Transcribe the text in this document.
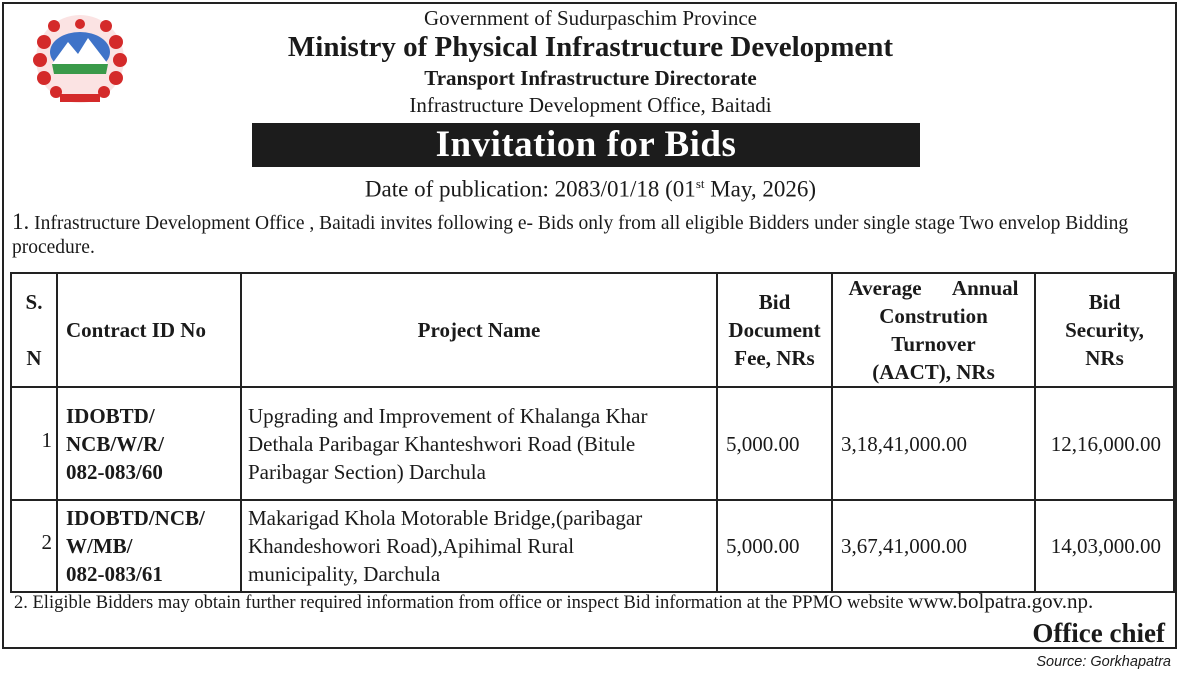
Government of Sudurpaschim Province
Ministry of Physical Infrastructure Development
Transport Infrastructure Directorate
Infrastructure Development Office, Baitadi
Invitation for Bids
Date of publication: 2083/01/18 (01st May, 2026)
1. Infrastructure Development Office , Baitadi invites following e- Bids only from all eligible Bidders under single stage Two envelop Bidding procedure.
S.

N	Contract ID No	Project Name	Bid
Document
Fee, NRs	Average      Annual
Constrution Turnover
(AACT), NRs	Bid
Security,
NRs
1	IDOBTD/
NCB/W/R/
082-083/60	Upgrading and Improvement of Khalanga Khar
Dethala Paribagar Khanteshwori Road (Bitule
Paribagar Section) Darchula	5,000.00	3,18,41,000.00	12,16,000.00
2	IDOBTD/NCB/
W/MB/
082-083/61	Makarigad Khola Motorable Bridge,(paribagar
Khandeshowori Road),Apihimal Rural
municipality, Darchula	5,000.00	3,67,41,000.00	14,03,000.00
2. Eligible Bidders may obtain further required information from office or inspect Bid information at the PPMO website www.bolpatra.gov.np.
Office chief
Source: Gorkhapatra
